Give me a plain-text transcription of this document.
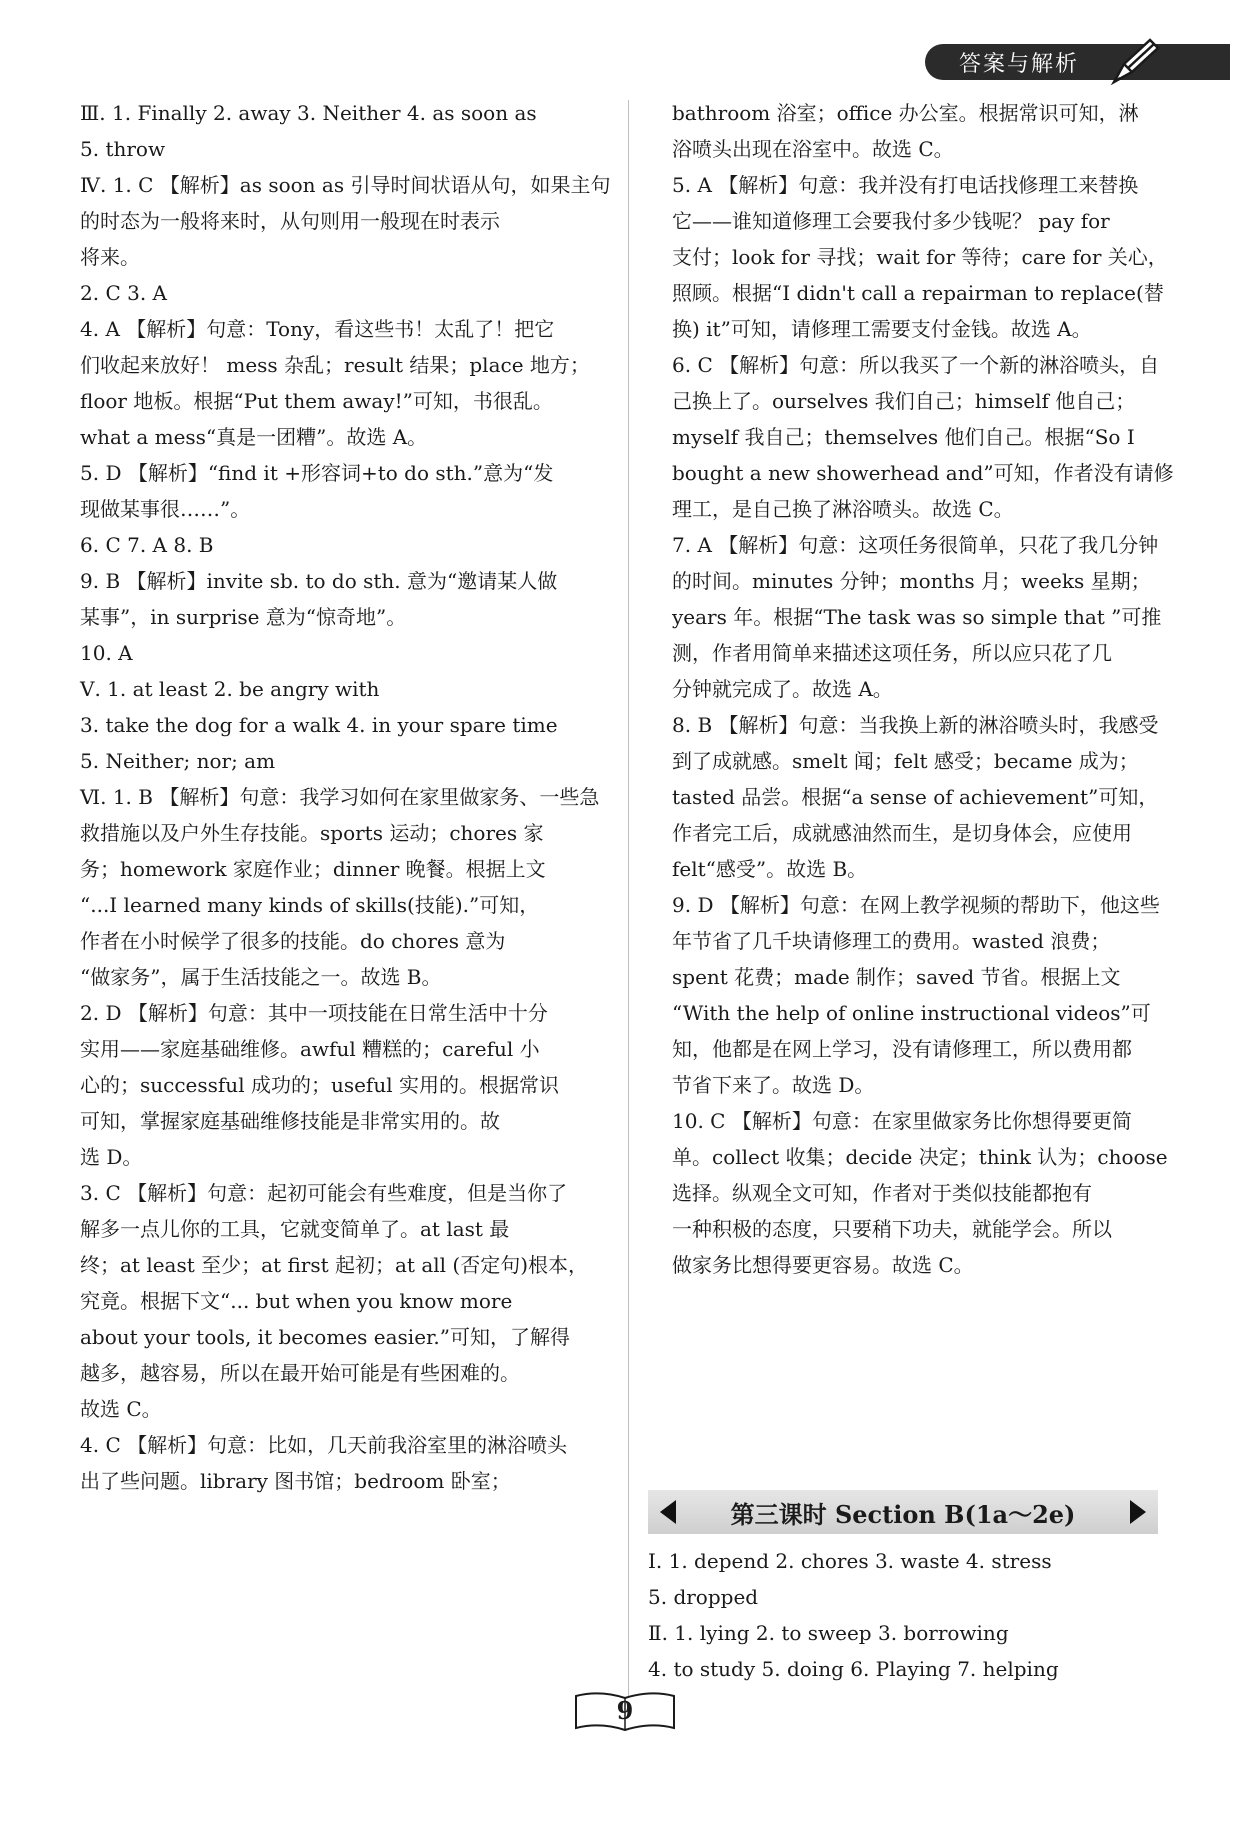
答案与解析
Ⅲ. 1. Finally 2. away 3. Neither 4. as soon as
5. throw
Ⅳ. 1. C 【解析】as soon as 引导时间状语从句，如果主句
的时态为一般将来时，从句则用一般现在时表示
将来。
2. C 3. A
4. A 【解析】句意：Tony，看这些书！太乱了！把它
们收起来放好！ mess 杂乱；result 结果；place 地方；
floor 地板。根据“Put them away!”可知，书很乱。
what a mess“真是一团糟”。故选 A。
5. D 【解析】“find it +形容词+to do sth.”意为“发
现做某事很……”。
6. C 7. A 8. B
9. B 【解析】invite sb. to do sth. 意为“邀请某人做
某事”，in surprise 意为“惊奇地”。
10. A
Ⅴ. 1. at least 2. be angry with
3. take the dog for a walk 4. in your spare time
5. Neither; nor; am
Ⅵ. 1. B 【解析】句意：我学习如何在家里做家务、一些急
救措施以及户外生存技能。sports 运动；chores 家
务；homework 家庭作业；dinner 晚餐。根据上文
“...I learned many kinds of skills(技能).”可知，
作者在小时候学了很多的技能。do chores 意为
“做家务”，属于生活技能之一。故选 B。
2. D 【解析】句意：其中一项技能在日常生活中十分
实用——家庭基础维修。awful 糟糕的；careful 小
心的；successful 成功的；useful 实用的。根据常识
可知，掌握家庭基础维修技能是非常实用的。故
选 D。
3. C 【解析】句意：起初可能会有些难度，但是当你了
解多一点儿你的工具，它就变简单了。at last 最
终；at least 至少；at first 起初；at all (否定句)根本，
究竟。根据下文“... but when you know more
about your tools, it becomes easier.”可知，了解得
越多，越容易，所以在最开始可能是有些困难的。
故选 C。
4. C 【解析】句意：比如，几天前我浴室里的淋浴喷头
出了些问题。library 图书馆；bedroom 卧室；
bathroom 浴室；office 办公室。根据常识可知，淋
浴喷头出现在浴室中。故选 C。
5. A 【解析】句意：我并没有打电话找修理工来替换
它——谁知道修理工会要我付多少钱呢？ pay for
支付；look for 寻找；wait for 等待；care for 关心，
照顾。根据“I didn't call a repairman to replace(替
换) it”可知，请修理工需要支付金钱。故选 A。
6. C 【解析】句意：所以我买了一个新的淋浴喷头，自
己换上了。ourselves 我们自己；himself 他自己；
myself 我自己；themselves 他们自己。根据“So I
bought a new showerhead and”可知，作者没有请修
理工，是自己换了淋浴喷头。故选 C。
7. A 【解析】句意：这项任务很简单，只花了我几分钟
的时间。minutes 分钟；months 月；weeks 星期；
years 年。根据“The task was so simple that ”可推
测，作者用简单来描述这项任务，所以应只花了几
分钟就完成了。故选 A。
8. B 【解析】句意：当我换上新的淋浴喷头时，我感受
到了成就感。smelt 闻；felt 感受；became 成为；
tasted 品尝。根据“a sense of achievement”可知，
作者完工后，成就感油然而生，是切身体会，应使用
felt“感受”。故选 B。
9. D 【解析】句意：在网上教学视频的帮助下，他这些
年节省了几千块请修理工的费用。wasted 浪费；
spent 花费；made 制作；saved 节省。根据上文
“With the help of online instructional videos”可
知，他都是在网上学习，没有请修理工，所以费用都
节省下来了。故选 D。
10. C 【解析】句意：在家里做家务比你想得要更简
单。collect 收集；decide 决定；think 认为；choose
选择。纵观全文可知，作者对于类似技能都抱有
一种积极的态度，只要稍下功夫，就能学会。所以
做家务比想得要更容易。故选 C。
第三课时 Section B(1a～2e)
Ⅰ. 1. depend 2. chores 3. waste 4. stress
5. dropped
Ⅱ. 1. lying 2. to sweep 3. borrowing
4. to study 5. doing 6. Playing 7. helping
9
